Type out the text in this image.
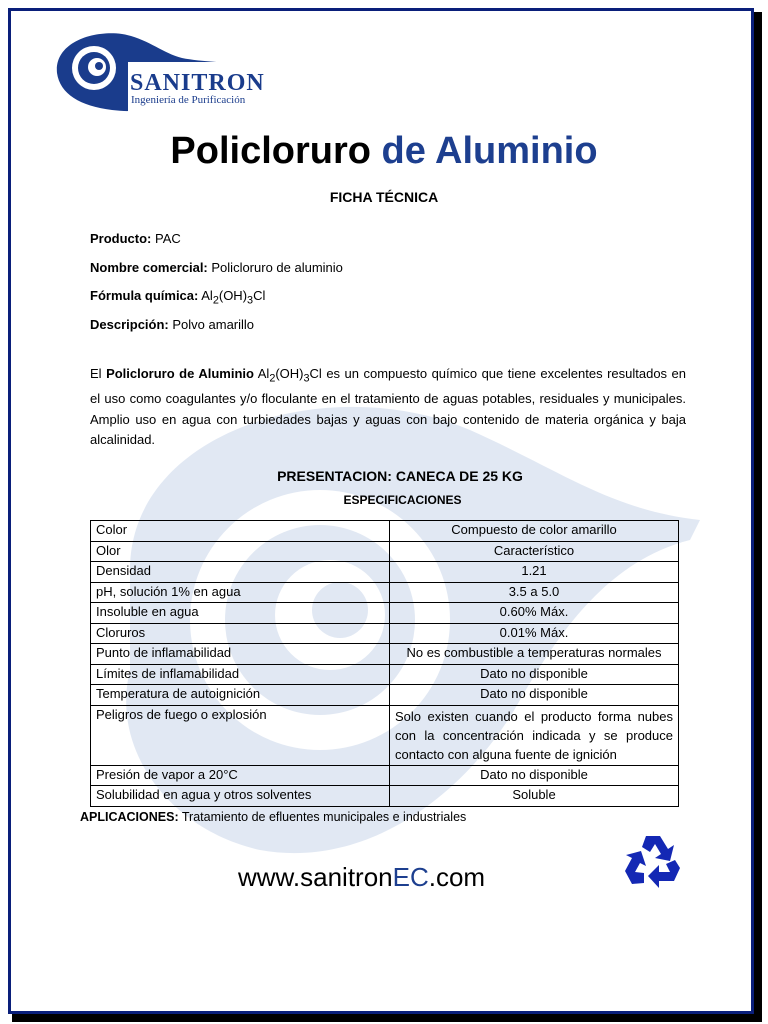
SANITRON
Ingeniería de Purificación
Policloruro de Aluminio
FICHA TÉCNICA
Producto: PAC
Nombre comercial: Policloruro de aluminio
Fórmula química: $Al_2(OH)_3Cl$
Descripción: Polvo amarillo
El Policloruro de Aluminio $Al_2(OH)_3Cl$ es un compuesto químico que tiene excelentes resultados en el uso como coagulantes y/o floculante en el tratamiento de aguas potables, residuales y municipales. Amplio uso en agua con turbiedades bajas y aguas con bajo contenido de materia orgánica y baja alcalinidad.
PRESENTACION: CANECA DE 25 KG
ESPECIFICACIONES
Color	Compuesto de color amarillo
Olor	Característico
Densidad	1.21
pH, solución 1% en agua	3.5 a 5.0
Insoluble en agua	0.60% Máx.
Cloruros	0.01% Máx.
Punto de inflamabilidad	No es combustible a temperaturas normales
Límites de inflamabilidad	Dato no disponible
Temperatura de autoignición	Dato no disponible
Peligros de fuego o explosión	Solo existen cuando el producto forma nubes con la concentración indicada y se produce contacto con alguna fuente de ignición
Presión de vapor a 20°C	Dato no disponible
Solubilidad en agua y otros solventes	Soluble
APLICACIONES: Tratamiento de efluentes municipales e industriales
www.sanitronEC.com
